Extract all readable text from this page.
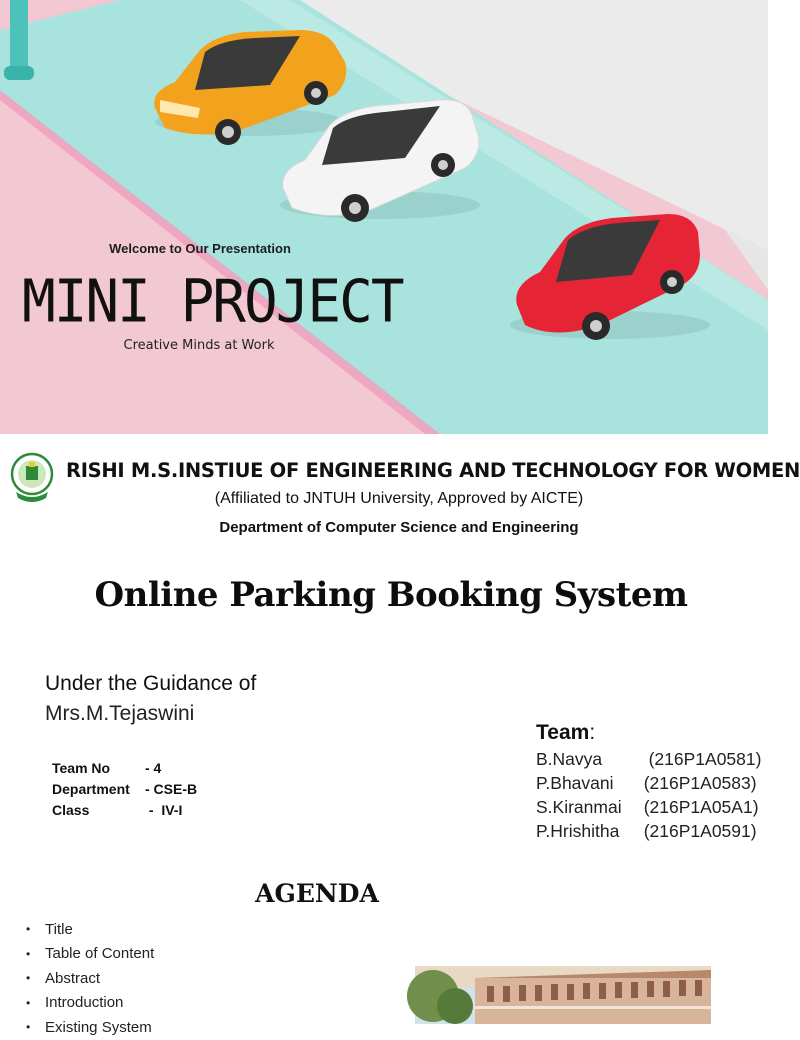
Welcome to Our Presentation
MINI PROJECT
Creative Minds at Work
RISHI M.S.INSTIUE OF ENGINEERING AND TECHNOLOGY FOR WOMEN
(Affiliated to JNTUH University, Approved by AICTE)
Department of Computer Science and Engineering
Online Parking Booking System
Under the Guidance of
Mrs.M.Tejaswini
Team No	- 4
Department	- CSE-B
Class	-  IV-I
Team:
B.Navya	(216P1A0581)
P.Bhavani	(216P1A0583)
S.Kiranmai (216P1A05A1)
P.Hrishitha (216P1A0591)
AGENDA
• Title
• Table of Content
• Abstract
• Introduction
• Existing System
